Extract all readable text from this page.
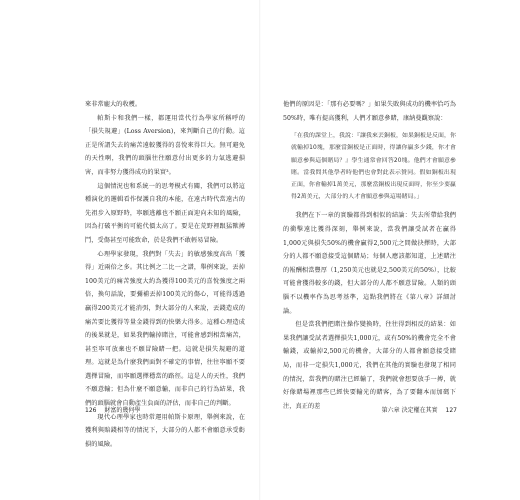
來非常龐大的收穫。

帕斯卡和我們一樣，都運用當代行為學家所稱呼的「損失規避」(Loss Aversion)，來判斷自己的行動。這正是所謂失去的痛苦遠較獲得的喜悅來得巨大。無可避免的天性啊，我們的頭腦往往願意付出更多的力氣逃避損害，而非努力獲得成功的果實³。

這個情況也和系統一的思考模式有關，我們可以將這種演化的邏輯看作保護自我的本能，在遠古時代當遠古的先祖步入原野時，寧願逃離也不願正面迎向未知的風險，因為打破平衡的可能代價太高了。要是在荒野裡跟猛獸搏鬥，受傷甚至可能致命，於是我們不敢輕易冒險。

心理學家發現，我們對「失去」的敏感強度高出「獲得」近兩倍之多。其比例之二比一之譜，舉例來說，丟掉100美元的痛苦強度大約為獲得100美元的喜悅強度之兩倍，換句話說，要彌補丟掉100美元的傷心，可能得透過贏得200美元才能消弭，對大部分的人來說，丟錢造成的痛苦要比獲得等量金錢得到的快樂大得多。這種心理造成的後果就是，如果我們輸掉賭注，可能會感到相當痛苦，甚至寧可放棄也不願冒險賭一把。這就是損失規避的道理。這就是為什麼我們面對不確定的事情，往往寧願不要選擇冒險，而寧願選擇穩當的路徑。這是人的天性，我們不願意輸；但為什麼不願意輸，而非自己的行為結果，我們的頭腦就會自動產生負面的評估，而非自己的判斷。

現代心理學家也時常運用帕斯卡原理，舉例來說，在獲利與賠錢相等的情況下，大部分的人都不會願意承受虧損的風險。

126 財富的幾何學

他們的原因是：「那有必要嗎？」如果失敗與成功的機率恰巧為50%時，唯有提高獲利，人們才願意參賭，康納曼觀察說：

「在我的課堂上，我說：『讓我來丟銅板，如果銅板是反面，你就輸掉10塊，那麼當銅板是正面時，得讓你贏多少錢，你才會願意參與這個賭局？』學生通常會回答20塊。他們才會願意參賭。當我問其他學者時他們也會對此表示贊同。假如銅板出現正面，你會輸掉1萬美元，那麼當銅板出現反面時，你至少要贏得2萬美元，大部分的人才會願意參與這場賭局。」

我們在下一章的實驗都得到相似的結論：失去所帶給我們的衝擊遠比獲得深刻，舉例來說，當我們讓受試者在贏得1,000元與損失50%的機會贏得2,500元之間做抉擇時，大部分的人都不願意接受這個賭局；每個人應該都知道，上述賭注的報酬相當豐厚（1,250美元也就是2,500美元的50%），比較可能會獲得較多的錢，但大部分的人都不願意冒險。人類的頭腦不以機率作為思考基準，這點我們將在《第八章》詳細討論。

但是當我們把賭注操作變換時，往往得到相反的結果：如果我們讓受試者選擇損失1,000元，或有50%的機會完全不會輸錢，或輸掉2,500元的機會，大部分的人都會願意接受賭局，而非一定損失1,000元，我們在其他的實驗也發現了相同的情況，當我們的賭注已經輸了，我們就會想要放手一搏，就好像賭場裡那些已經快要輸光的賭客，為了要翻本而加碼下注，真正的差

第六章 決定權在其實 127
